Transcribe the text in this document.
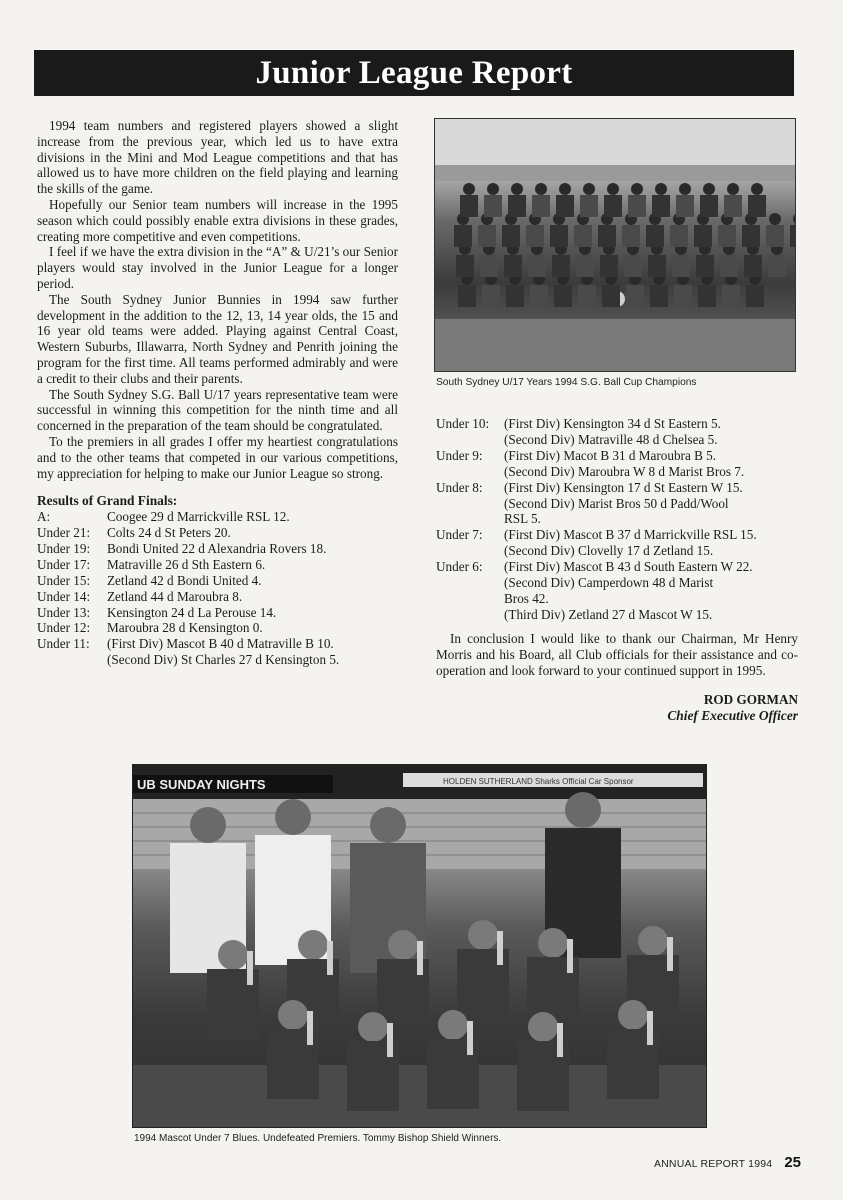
Junior League Report

1994 team numbers and registered players showed a slight increase from the previous year, which led us to have extra divisions in the Mini and Mod League competitions and that has allowed us to have more children on the field playing and learning the skills of the game.

Hopefully our Senior team numbers will increase in the 1995 season which could possibly enable extra divisions in these grades, creating more competitive and even competitions.

I feel if we have the extra division in the “A” & U/21’s our Senior players would stay involved in the Junior League for a longer period.

The South Sydney Junior Bunnies in 1994 saw further development in the addition to the 12, 13, 14 year olds, the 15 and 16 year old teams were added. Playing against Central Coast, Western Suburbs, Illawarra, North Sydney and Penrith joining the program for the first time. All teams performed admirably and were a credit to their clubs and their parents.

The South Sydney S.G. Ball U/17 years representative team were successful in winning this competition for the ninth time and all concerned in the preparation of the team should be congratulated.

To the premiers in all grades I offer my heartiest congratulations and to the other teams that competed in our various competitions, my appreciation for helping to make our Junior League so strong.

Results of Grand Finals:
A:	Coogee 29 d Marrickville RSL 12.
Under 21:	Colts 24 d St Peters 20.
Under 19:	Bondi United 22 d Alexandria Rovers 18.
Under 17:	Matraville 26 d Sth Eastern 6.
Under 15:	Zetland 42 d Bondi United 4.
Under 14:	Zetland 44 d Maroubra 8.
Under 13:	Kensington 24 d La Perouse 14.
Under 12:	Maroubra 28 d Kensington 0.
Under 11:	(First Div) Mascot B 40 d Matraville B 10.
(Second Div) St Charles 27 d Kensington 5.
South Sydney U/17 Years 1994 S.G. Ball Cup Champions
Under 10:	(First Div) Kensington 34 d St Eastern 5.
(Second Div) Matraville 48 d Chelsea 5.
Under 9:	(First Div) Macot B 31 d Maroubra B 5.
(Second Div) Maroubra W 8 d Marist Bros 7.
Under 8:	(First Div) Kensington 17 d St Eastern W 15.
(Second Div) Marist Bros 50 d Padd/Wool
RSL 5.
Under 7:	(First Div) Mascot B 37 d Marrickville RSL 15.
(Second Div) Clovelly 17 d Zetland 15.
Under 6:	(First Div) Mascot B 43 d South Eastern W 22.
(Second Div) Camperdown 48 d Marist
Bros 42.
(Third Div) Zetland 27 d Mascot W 15.

In conclusion I would like to thank our Chairman, Mr Henry Morris and his Board, all Club officials for their assistance and co-operation and look forward to your continued support in 1995.

ROD GORMAN
Chief Executive Officer
UB SUNDAY NIGHTS	HOLDEN SUTHERLAND Sharks Official Car Sponsor
1994 Mascot Under 7 Blues. Undefeated Premiers. Tommy Bishop Shield Winners.
ANNUAL REPORT 1994 25
